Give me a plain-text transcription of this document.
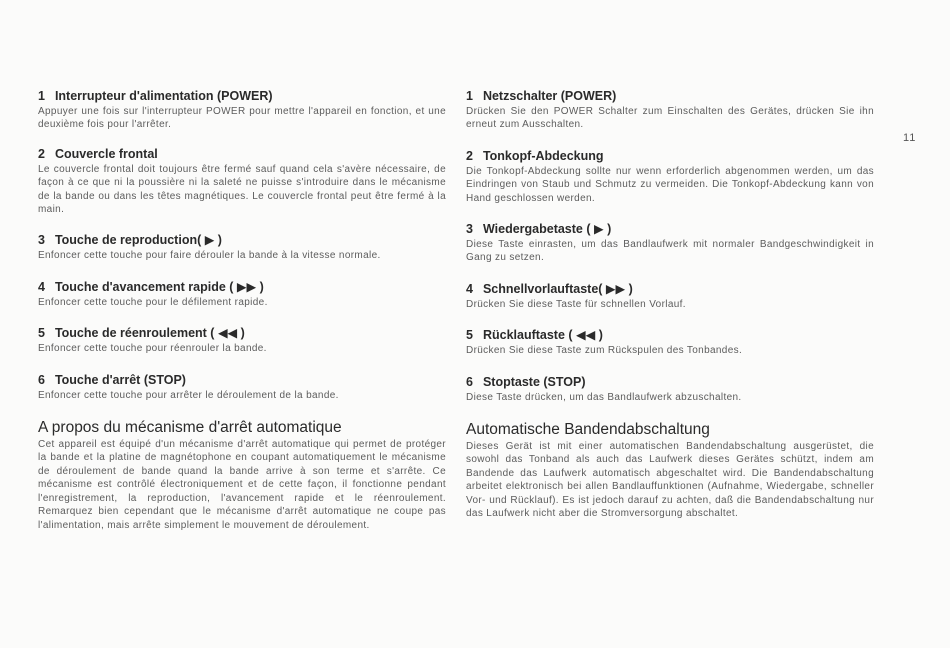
1 Interrupteur d'alimentation (POWER)

Appuyer une fois sur l'interrupteur POWER pour mettre l'appareil en fonction, et une deuxième fois pour l'arrêter.

2 Couvercle frontal

Le couvercle frontal doit toujours être fermé sauf quand cela s'avère nécessaire, de façon à ce que ni la poussière ni la saleté ne puisse s'introduire dans le mécanisme de la bande ou dans les têtes magnétiques. Le couvercle frontal peut être fermé à la main.

3 Touche de reproduction( ▶ )

Enfoncer cette touche pour faire dérouler la bande à la vitesse normale.

4 Touche d'avancement rapide ( ▶▶ )

Enfoncer cette touche pour le défilement rapide.

5 Touche de réenroulement ( ◀◀ )

Enfoncer cette touche pour réenrouler la bande.

6 Touche d'arrêt (STOP)

Enfoncer cette touche pour arrêter le déroulement de la bande.

A propos du mécanisme d'arrêt automatique

Cet appareil est équipé d'un mécanisme d'arrêt automatique qui permet de protéger la bande et la platine de magnétophone en coupant automatiquement le mécanisme de déroulement de bande quand la bande arrive à son terme et s'arrête. Ce mécanisme est contrôlé électroniquement et de cette façon, il fonctionne pendant l'enregistrement, la reproduction, l'avancement rapide et le réenroulement. Remarquez bien cependant que le mécanisme d'arrêt automatique ne coupe pas l'alimentation, mais arrête simplement le mouvement de déroulement.

1 Netzschalter (POWER)

Drücken Sie den POWER Schalter zum Einschalten des Gerätes, drücken Sie ihn erneut zum Ausschalten.

2 Tonkopf-Abdeckung

Die Tonkopf-Abdeckung sollte nur wenn erforderlich abgenommen werden, um das Eindringen von Staub und Schmutz zu vermeiden. Die Tonkopf-Abdeckung kann von Hand geschlossen werden.

3 Wiedergabetaste ( ▶ )

Diese Taste einrasten, um das Bandlaufwerk mit normaler Bandgeschwindigkeit in Gang zu setzen.

4 Schnellvorlauftaste( ▶▶ )

Drücken Sie diese Taste für schnellen Vorlauf.

5 Rücklauftaste ( ◀◀ )

Drücken Sie diese Taste zum Rückspulen des Tonbandes.

6 Stoptaste (STOP)

Diese Taste drücken, um das Bandlaufwerk abzuschalten.

Automatische Bandendabschaltung

Dieses Gerät ist mit einer automatischen Bandendabschaltung ausgerüstet, die sowohl das Tonband als auch das Laufwerk dieses Gerätes schützt, indem am Bandende das Laufwerk automatisch abgeschaltet wird. Die Bandendabschaltung arbeitet elektronisch bei allen Bandlauffunktionen (Aufnahme, Wiedergabe, schneller Vor- und Rücklauf). Es ist jedoch darauf zu achten, daß die Bandendabschaltung nur das Laufwerk nicht aber die Stromversorgung abschaltet.

11
